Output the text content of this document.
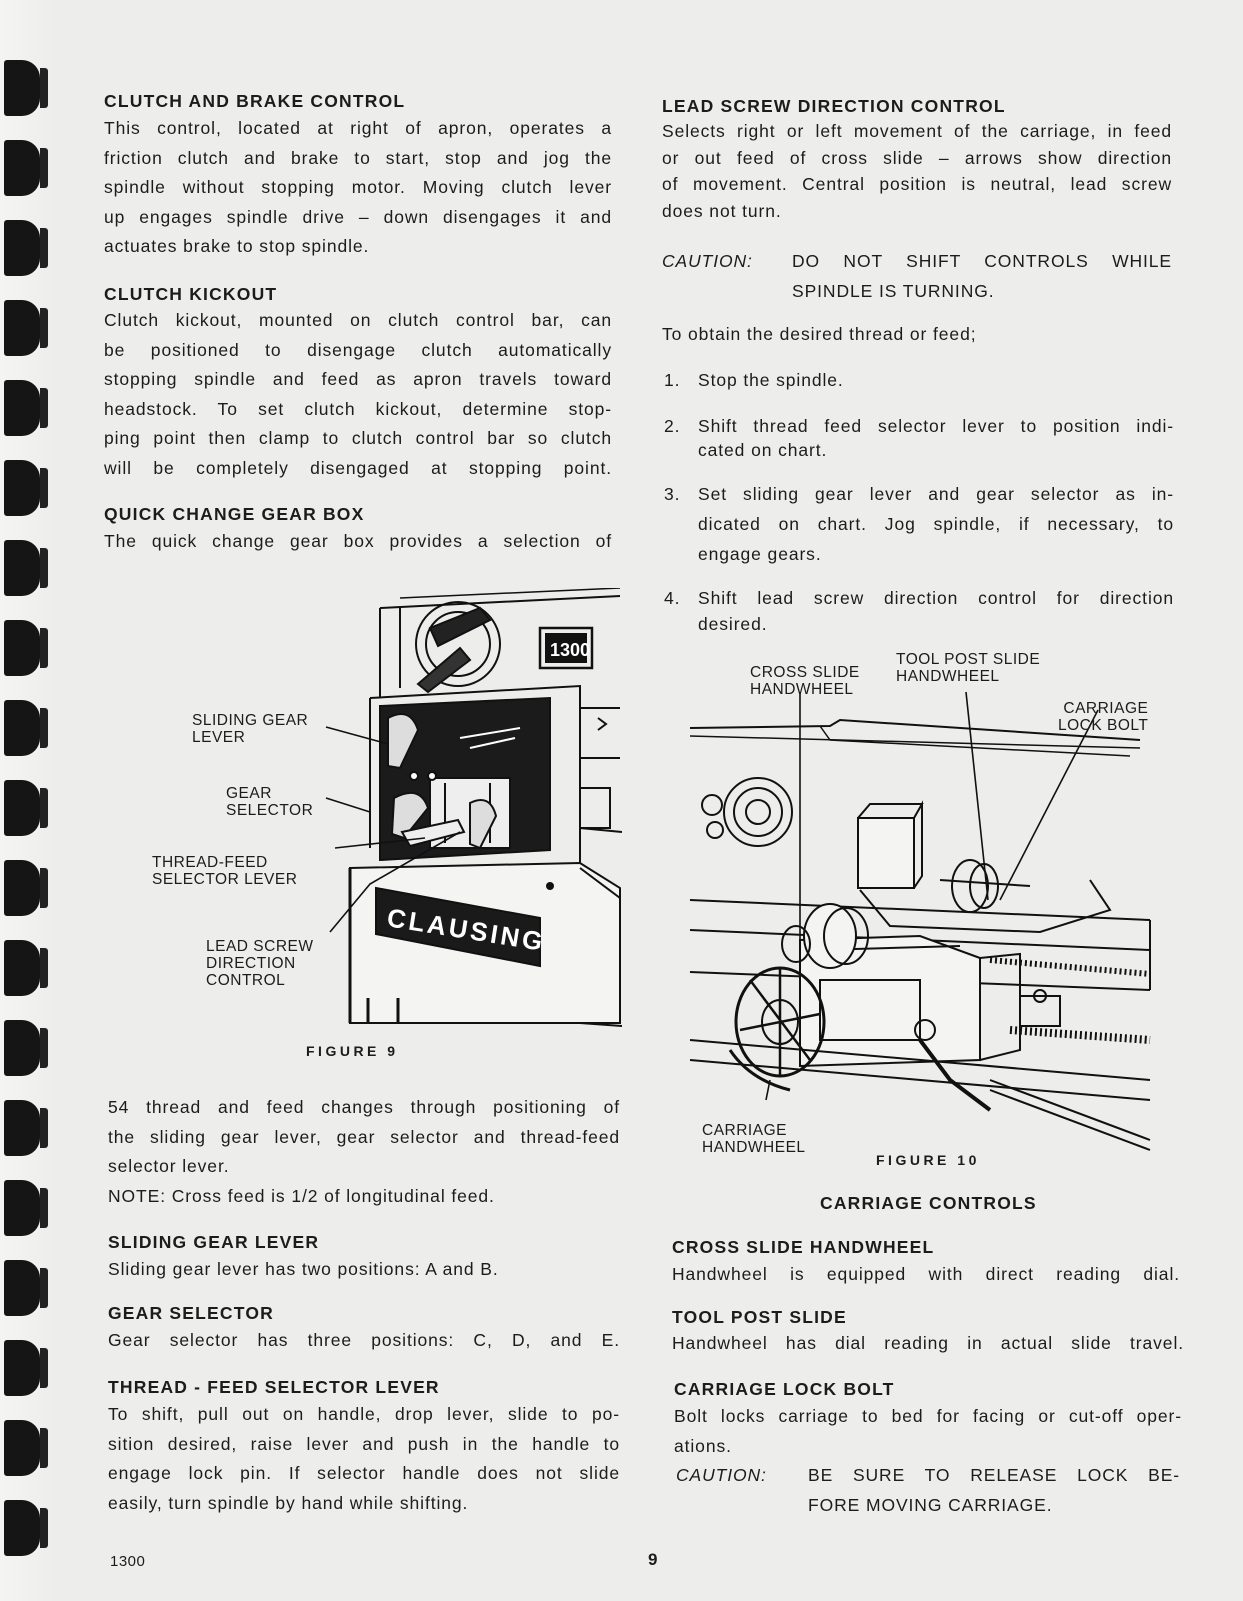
CLUTCH AND BRAKE CONTROL
This control, located at right of apron, operates a
friction clutch and brake to start, stop and jog the
spindle without stopping motor. Moving clutch lever
up engages spindle drive – down disengages it and
actuates brake to stop spindle.
CLUTCH KICKOUT
Clutch kickout, mounted on clutch control bar, can
be positioned to disengage clutch automatically
stopping spindle and feed as apron travels toward
headstock. To set clutch kickout, determine stop-
ping point then clamp to clutch control bar so clutch
will be completely disengaged at stopping point.
QUICK CHANGE GEAR BOX
The quick change gear box provides a selection of
1300
CLAUSING
SLIDING GEAR
LEVER
GEAR
SELECTOR
THREAD-FEED
SELECTOR LEVER
LEAD SCREW
DIRECTION
CONTROL
FIGURE 9
54 thread and feed changes through positioning of
the sliding gear lever, gear selector and thread-feed
selector lever.
NOTE: Cross feed is 1/2 of longitudinal feed.
SLIDING GEAR LEVER
Sliding gear lever has two positions: A and B.
GEAR SELECTOR
Gear selector has three positions: C, D, and E.
THREAD - FEED SELECTOR LEVER
To shift, pull out on handle, drop lever, slide to po-
sition desired, raise lever and push in the handle to
engage lock pin. If selector handle does not slide
easily, turn spindle by hand while shifting.
LEAD SCREW DIRECTION CONTROL
Selects right or left movement of the carriage, in feed
or out feed of cross slide – arrows show direction
of movement. Central position is neutral, lead screw
does not turn.
CAUTION: DO NOT SHIFT CONTROLS WHILE
SPINDLE IS TURNING.
To obtain the desired thread or feed;
1. Stop the spindle.
2. Shift thread feed selector lever to position indi-
cated on chart.
3. Set sliding gear lever and gear selector as in-
dicated on chart. Jog spindle, if necessary, to
engage gears.
4. Shift lead screw direction control for direction
desired.
CROSS SLIDE
HANDWHEEL
TOOL POST SLIDE
HANDWHEEL
CARRIAGE
LOCK BOLT
CARRIAGE
HANDWHEEL
FIGURE 10
CARRIAGE CONTROLS
CROSS SLIDE HANDWHEEL
Handwheel is equipped with direct reading dial.
TOOL POST SLIDE
Handwheel has dial reading in actual slide travel.
CARRIAGE LOCK BOLT
Bolt locks carriage to bed for facing or cut-off oper-
ations.
CAUTION: BE SURE TO RELEASE LOCK BE-
FORE MOVING CARRIAGE.
1300	9
